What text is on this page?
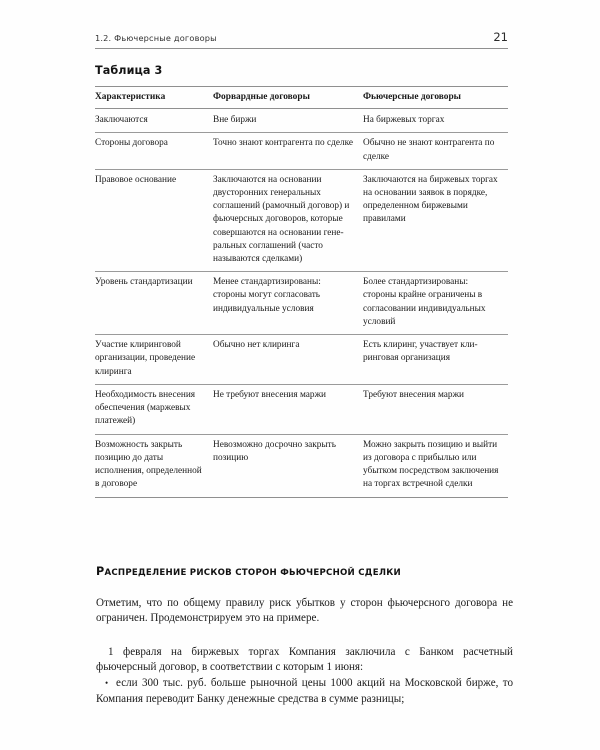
1.2. Фьючерсные договоры	21
Таблица 3
Характеристика	Форвардные договоры	Фьючерсные договоры
Заключаются	Вне биржи	На биржевых торгах
Стороны договора	Точно знают контрагента по сделке	Обычно не знают контрагента по сделке
Правовое основание	Заключаются на основании двусторонних генеральных соглашений (рамочный договор) и фьючерсных договоров, которые совершаются на основании генеральных соглашений (часто называются сделками)	Заключаются на биржевых торгах на основании заявок в порядке, определенном биржевыми правилами
Уровень стандартизации	Менее стандартизированы: стороны могут согласовать индивидуальные условия	Более стандартизированы: стороны крайне ограничены в согласовании индивидуальных условий
Участие клиринговой организации, проведение клиринга	Обычно нет клиринга	Есть клиринг, участвует клиринговая организация
Необходимость внесения обеспечения (маржевых платежей)	Не требуют внесения маржи	Требуют внесения маржи
Возможность закрыть позицию до даты исполнения, определенной в договоре	Невозможно досрочно закрыть позицию	Можно закрыть позицию и выйти из договора с прибылью или убытком посредством заключения на торгах встречной сделки
РАСПРЕДЕЛЕНИЕ РИСКОВ СТОРОН ФЬЮЧЕРСНОЙ СДЕЛКИ

Отметим, что по общему правилу риск убытков у сторон фьючерсного договора не ограничен. Продемонстрируем это на примере.

1 февраля на биржевых торгах Компания заключила с Банком расчетный фьючерсный договор, в соответствии с которым 1 июня:

• если 300 тыс. руб. больше рыночной цены 1000 акций на Московской бирже, то Компания переводит Банку денежные средства в сумме разницы;
